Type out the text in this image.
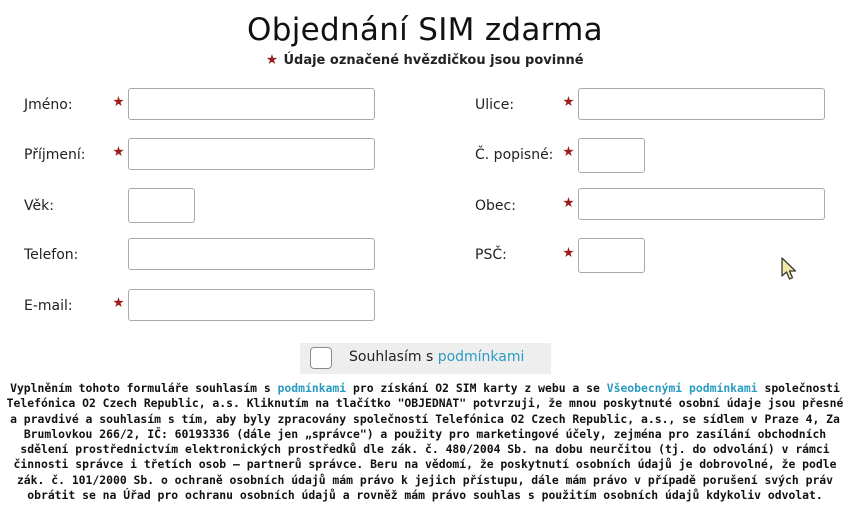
Objednání SIM zdarma
Údaje označené hvězdičkou jsou povinné
Jméno:
Příjmení:
Věk:
Telefon:
E-mail:
Ulice:
Č. popisné:
Obec:
PSČ:
Souhlasím s podmínkami
Vyplněním tohoto formuláře souhlasím s podmínkami pro získání O2 SIM karty z webu a se Všeobecnými podmínkami společnosti Telefónica O2 Czech Republic, a.s. Kliknutím na tlačítko "OBJEDNAT" potvrzuji, že mnou poskytnuté osobní údaje jsou přesné a pravdivé a souhlasím s tím, aby byly zpracovány společností Telefónica O2 Czech Republic, a.s., se sídlem v Praze 4, Za Brumlovkou 266/2, IČ: 60193336 (dále jen „správce") a použity pro marketingové účely, zejména pro zasílání obchodních sdělení prostřednictvím elektronických prostředků dle zák. č. 480/2004 Sb. na dobu neurčitou (tj. do odvolání) v rámci činnosti správce i třetích osob – partnerů správce. Beru na vědomí, že poskytnutí osobních údajů je dobrovolné, že podle zák. č. 101/2000 Sb. o ochraně osobních údajů mám právo k jejich přístupu, dále mám právo v případě porušení svých práv obrátit se na Úřad pro ochranu osobních údajů a rovněž mám právo souhlas s použitím osobních údajů kdykoliv odvolat.
